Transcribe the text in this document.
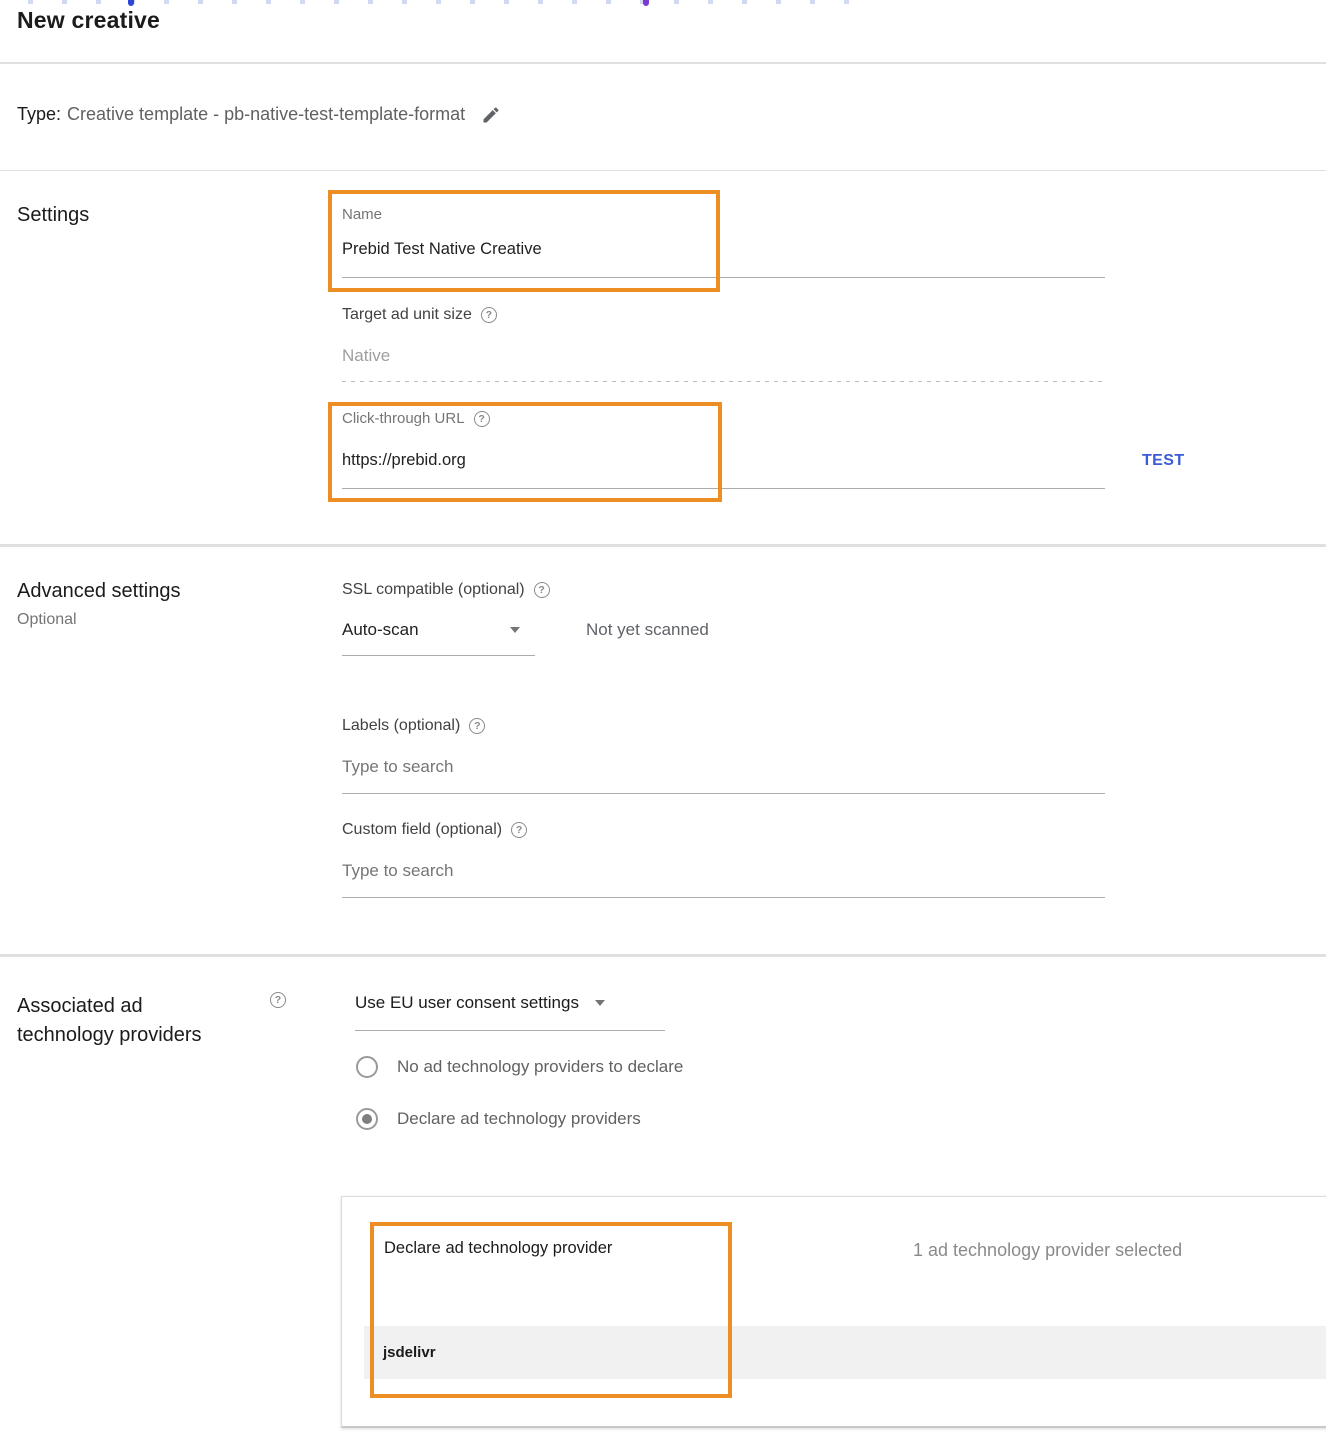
New creative
Type: Creative template - pb-native-test-template-format
Settings	Name
Prebid Test Native Creative
Target ad unit size	?
Native
Click-through URL	?
https://prebid.org	TEST
Advanced settings
Optional
SSL compatible (optional)	?
Auto-scan	Not yet scanned
Labels (optional)	?
Type to search
Custom field (optional)	?
Type to search
Associated ad
technology providers
?	Use EU user consent settings
No ad technology providers to declare
Declare ad technology providers
Declare ad technology provider	1 ad technology provider selected
jsdelivr
